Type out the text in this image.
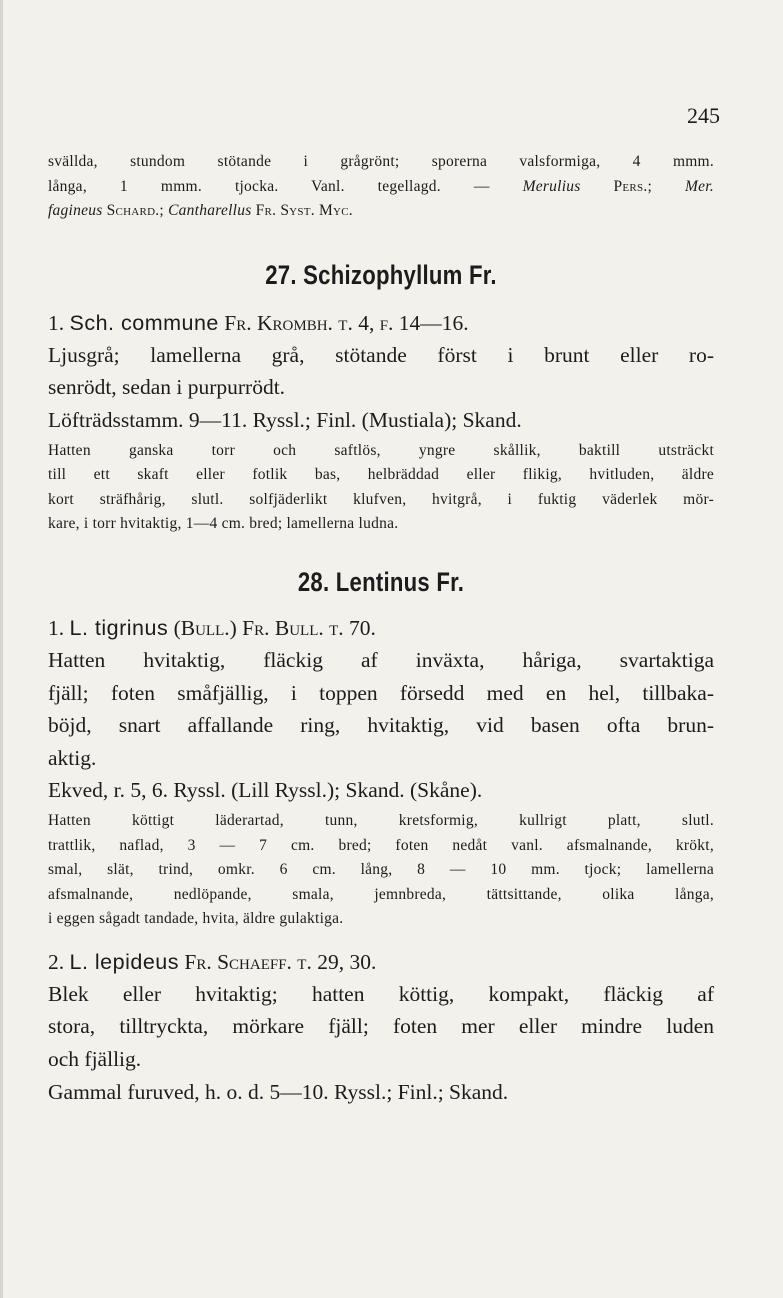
245

svällda, stundom stötande i grågrönt; sporerna valsformiga, 4 mmm.
långa, 1 mmm. tjocka. Vanl. tegellagd. — Merulius Pers.; Mer.
fagineus Schard.; Cantharellus Fr. Syst. Myc.

27. Schizophyllum Fr.

1. Sch. commune Fr. Krombh. t. 4, f. 14—16.

Ljusgrå; lamellerna grå, stötande först i brunt eller ro-
senrödt, sedan i purpurrödt.

Löfträdsstamm. 9—11. Ryssl.; Finl. (Mustiala); Skand.

Hatten ganska torr och saftlös, yngre skållik, baktill utsträckt
till ett skaft eller fotlik bas, helbräddad eller flikig, hvitluden, äldre
kort sträfhårig, slutl. solfjäderlikt klufven, hvitgrå, i fuktig väderlek mör-
kare, i torr hvitaktig, 1—4 cm. bred; lamellerna ludna.

28. Lentinus Fr.

1. L. tigrinus (Bull.) Fr. Bull. t. 70.

Hatten hvitaktig, fläckig af inväxta, håriga, svartaktiga
fjäll; foten småfjällig, i toppen försedd med en hel, tillbaka-
böjd, snart affallande ring, hvitaktig, vid basen ofta brun-
aktig.

Ekved, r. 5, 6. Ryssl. (Lill Ryssl.); Skand. (Skåne).

Hatten köttigt läderartad, tunn, kretsformig, kullrigt platt, slutl.
trattlik, naflad, 3 — 7 cm. bred; foten nedåt vanl. afsmalnande, krökt,
smal, slät, trind, omkr. 6 cm. lång, 8 — 10 mm. tjock; lamellerna
afsmalnande, nedlöpande, smala, jemnbreda, tättsittande, olika långa,
i eggen sågadt tandade, hvita, äldre gulaktiga.

2. L. lepideus Fr. Schaeff. t. 29, 30.

Blek eller hvitaktig; hatten köttig, kompakt, fläckig af
stora, tilltryckta, mörkare fjäll; foten mer eller mindre luden
och fjällig.

Gammal furuved, h. o. d. 5—10. Ryssl.; Finl.; Skand.
